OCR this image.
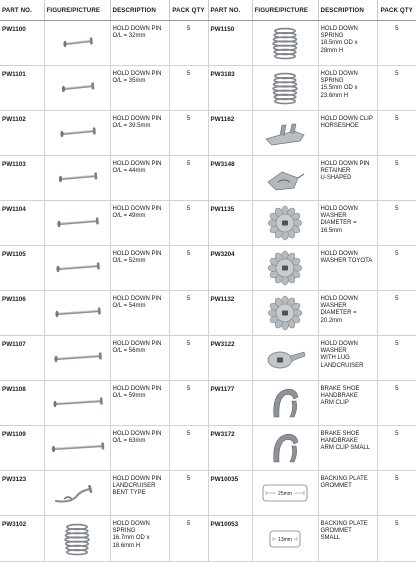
PART NO.	FIGURE/PICTURE	DESCRIPTION	PACK QTY	PART NO.	FIGURE/PICTURE	DESCRIPTION	PACK QTY
PW1100		HOLD DOWN PIN
O/L = 32mm	5	PW1150		HOLD DOWN
SPRING
18.5mm OD x
28mm H	5
PW1101		HOLD DOWN PIN
O/L = 35mm	5	PW3183		HOLD DOWN
SPRING
15.5mm OD x
23.6mm H	5
PW1102		HOLD DOWN PIN
O/L = 39.5mm	5	PW1162		HOLD DOWN CLIP
HORSESHOE	5
PW1103		HOLD DOWN PIN
O/L = 44mm	5	PW3148		HOLD DOWN PIN
RETAINER
U-SHAPED	5
PW1104		HOLD DOWN PIN
O/L = 49mm	5	PW1135		HOLD DOWN
WASHER
DIAMETER =
16.5mm	5
PW1105		HOLD DOWN PIN
O/L = 52mm	5	PW3204		HOLD DOWN
WASHER TOYOTA	5
PW1106		HOLD DOWN PIN
O/L = 54mm	5	PW1132		HOLD DOWN
WASHER
DIAMETER =
20.2mm	5
PW1107		HOLD DOWN PIN
O/L = 56mm	5	PW3122		HOLD DOWN
WASHER
WITH LUG
LANDCRUISER	5
PW1108		HOLD DOWN PIN
O/L = 59mm	5	PW1177		BRAKE SHOE
HANDBRAKE
ARM CLIP	5
PW1109		HOLD DOWN PIN
O/L = 63mm	5	PW3172		BRAKE SHOE
HANDBRAKE
ARM CLIP SMALL	5
PW3123		HOLD DOWN PIN
LANDCRUISER
BENT TYPE	5	PW10035	25mm	BACKING PLATE
GROMMET	5
PW3102		HOLD DOWN
SPRING
16.7mm OD x
18.6mm H	5	PW10053	13mm	BACKING PLATE
GROMMET
SMALL	5
